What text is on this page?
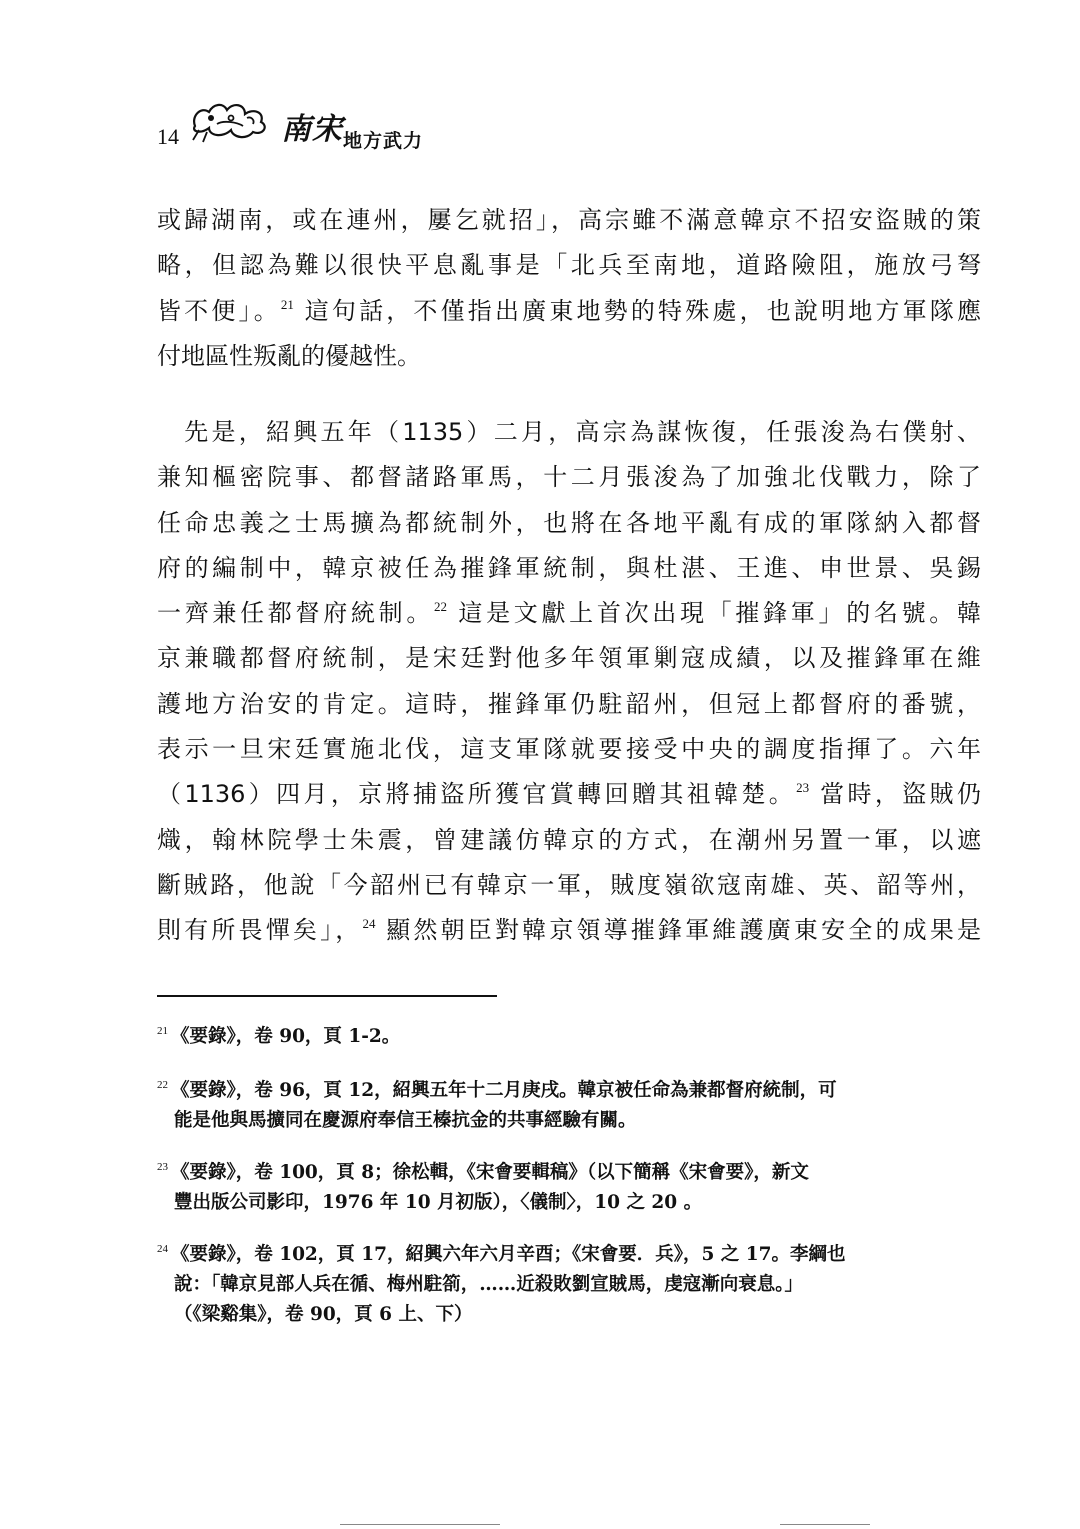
14	南宋地方武力
或歸湖南，或在連州，屢乞就招」，高宗雖不滿意韓京不招安盜賊的策
略，但認為難以很快平息亂事是「北兵至南地，道路險阻，施放弓弩
皆不便」。$^{21}$ 這句話，不僅指出廣東地勢的特殊處，也說明地方軍隊應
付地區性叛亂的優越性。
　先是，紹興五年（1135）二月，高宗為謀恢復，任張浚為右僕射、
兼知樞密院事、都督諸路軍馬，十二月張浚為了加強北伐戰力，除了
任命忠義之士馬擴為都統制外，也將在各地平亂有成的軍隊納入都督
府的編制中，韓京被任為摧鋒軍統制，與杜湛、王進、申世景、吳錫
一齊兼任都督府統制。$^{22}$ 這是文獻上首次出現「摧鋒軍」的名號。韓
京兼職都督府統制，是宋廷對他多年領軍剿寇成績，以及摧鋒軍在維
護地方治安的肯定。這時，摧鋒軍仍駐韶州，但冠上都督府的番號，
表示一旦宋廷實施北伐，這支軍隊就要接受中央的調度指揮了。六年
（1136）四月，京將捕盜所獲官賞轉回贈其祖韓楚。$^{23}$ 當時，盜賊仍
熾，翰林院學士朱震，曾建議仿韓京的方式，在潮州另置一軍，以遮
斷賊路，他說「今韶州已有韓京一軍，賊度嶺欲寇南雄、英、韶等州，
則有所畏憚矣」，$^{24}$ 顯然朝臣對韓京領導摧鋒軍維護廣東安全的成果是
$^{21}$ 《要錄》，卷 90，頁 1-2。
$^{22}$ 《要錄》，卷 96，頁 12，紹興五年十二月庚戌。韓京被任命為兼都督府統制，可
能是他與馬擴同在慶源府奉信王榛抗金的共事經驗有關。
$^{23}$ 《要錄》，卷 100，頁 8；徐松輯，《宋會要輯稿》（以下簡稱《宋會要》，新文
豐出版公司影印，1976 年 10 月初版），〈儀制〉，10 之 20 。
$^{24}$ 《要錄》，卷 102，頁 17，紹興六年六月辛酉；《宋會要．兵》，5 之 17。李綱也
說：「韓京見部人兵在循、梅州駐箚，……近殺敗劉宣賊馬，虔寇漸向衰息。」
（《梁谿集》，卷 90，頁 6 上、下）
